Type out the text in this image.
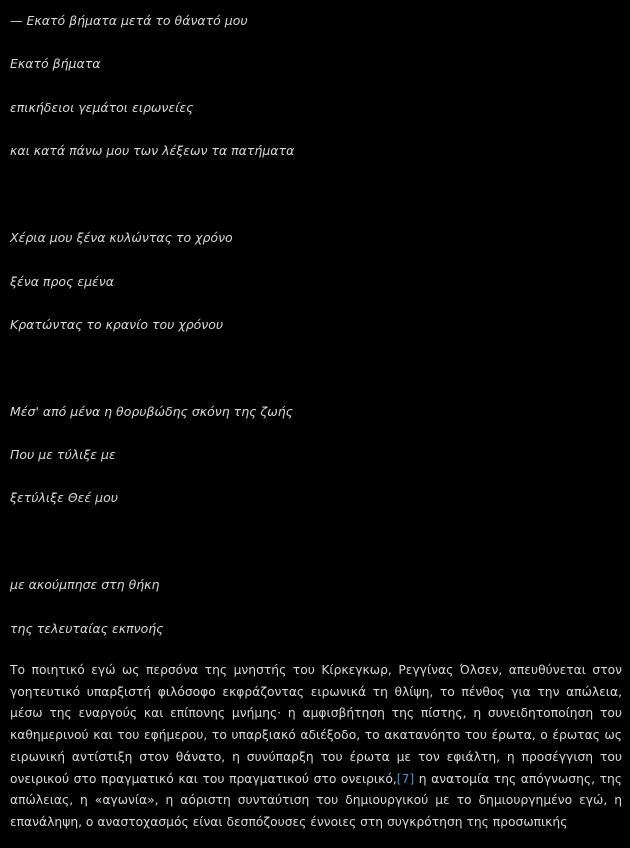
— Εκατό βήματα μετά το θάνατό μου
Εκατό βήματα
επικήδειοι γεμάτοι ειρωνείες
και κατά πάνω μου των λέξεων τα πατήματα
Χέρια μου ξένα κυλώντας το χρόνο
ξένα προς εμένα
Κρατώντας το κρανίο του χρόνου
Μέσ' από μένα η θορυβώδης σκόνη της ζωής
Που με τύλιξε με
ξετύλιξε Θεέ μου
με ακούμπησε στη θήκη
της τελευταίας εκπνοής
Το ποιητικό εγώ ως περσόνα της μνηστής του Κίρκεγκωρ, Ρεγγίνας Όλσεν, απευθύνεται στον γοητευτικό υπαρξιστή φιλόσοφο εκφράζοντας ειρωνικά τη θλίψη, το πένθος για την απώλεια, μέσω της εναργούς και επίπονης μνήμης· η αμφισβήτηση της πίστης, η συνειδητοποίηση του καθημερινού και του εφήμερου, το υπαρξιακό αδιέξοδο, το ακατανόητο του έρωτα, ο έρωτας ως ειρωνική αντίστιξη στον θάνατο, η συνύπαρξη του έρωτα με τον εφιάλτη, η προσέγγιση του ονειρικού στο πραγματικό και του πραγματικού στο ονειρικό,[7] η ανατομία της απόγνωσης, της απώλειας, η «αγωνία», η αόριστη συνταύτιση του δημιουργικού με το δημιουργημένο εγώ, η επανάληψη, ο αναστοχασμός είναι δεσπόζουσες έννοιες στη συγκρότηση της προσωπικής
